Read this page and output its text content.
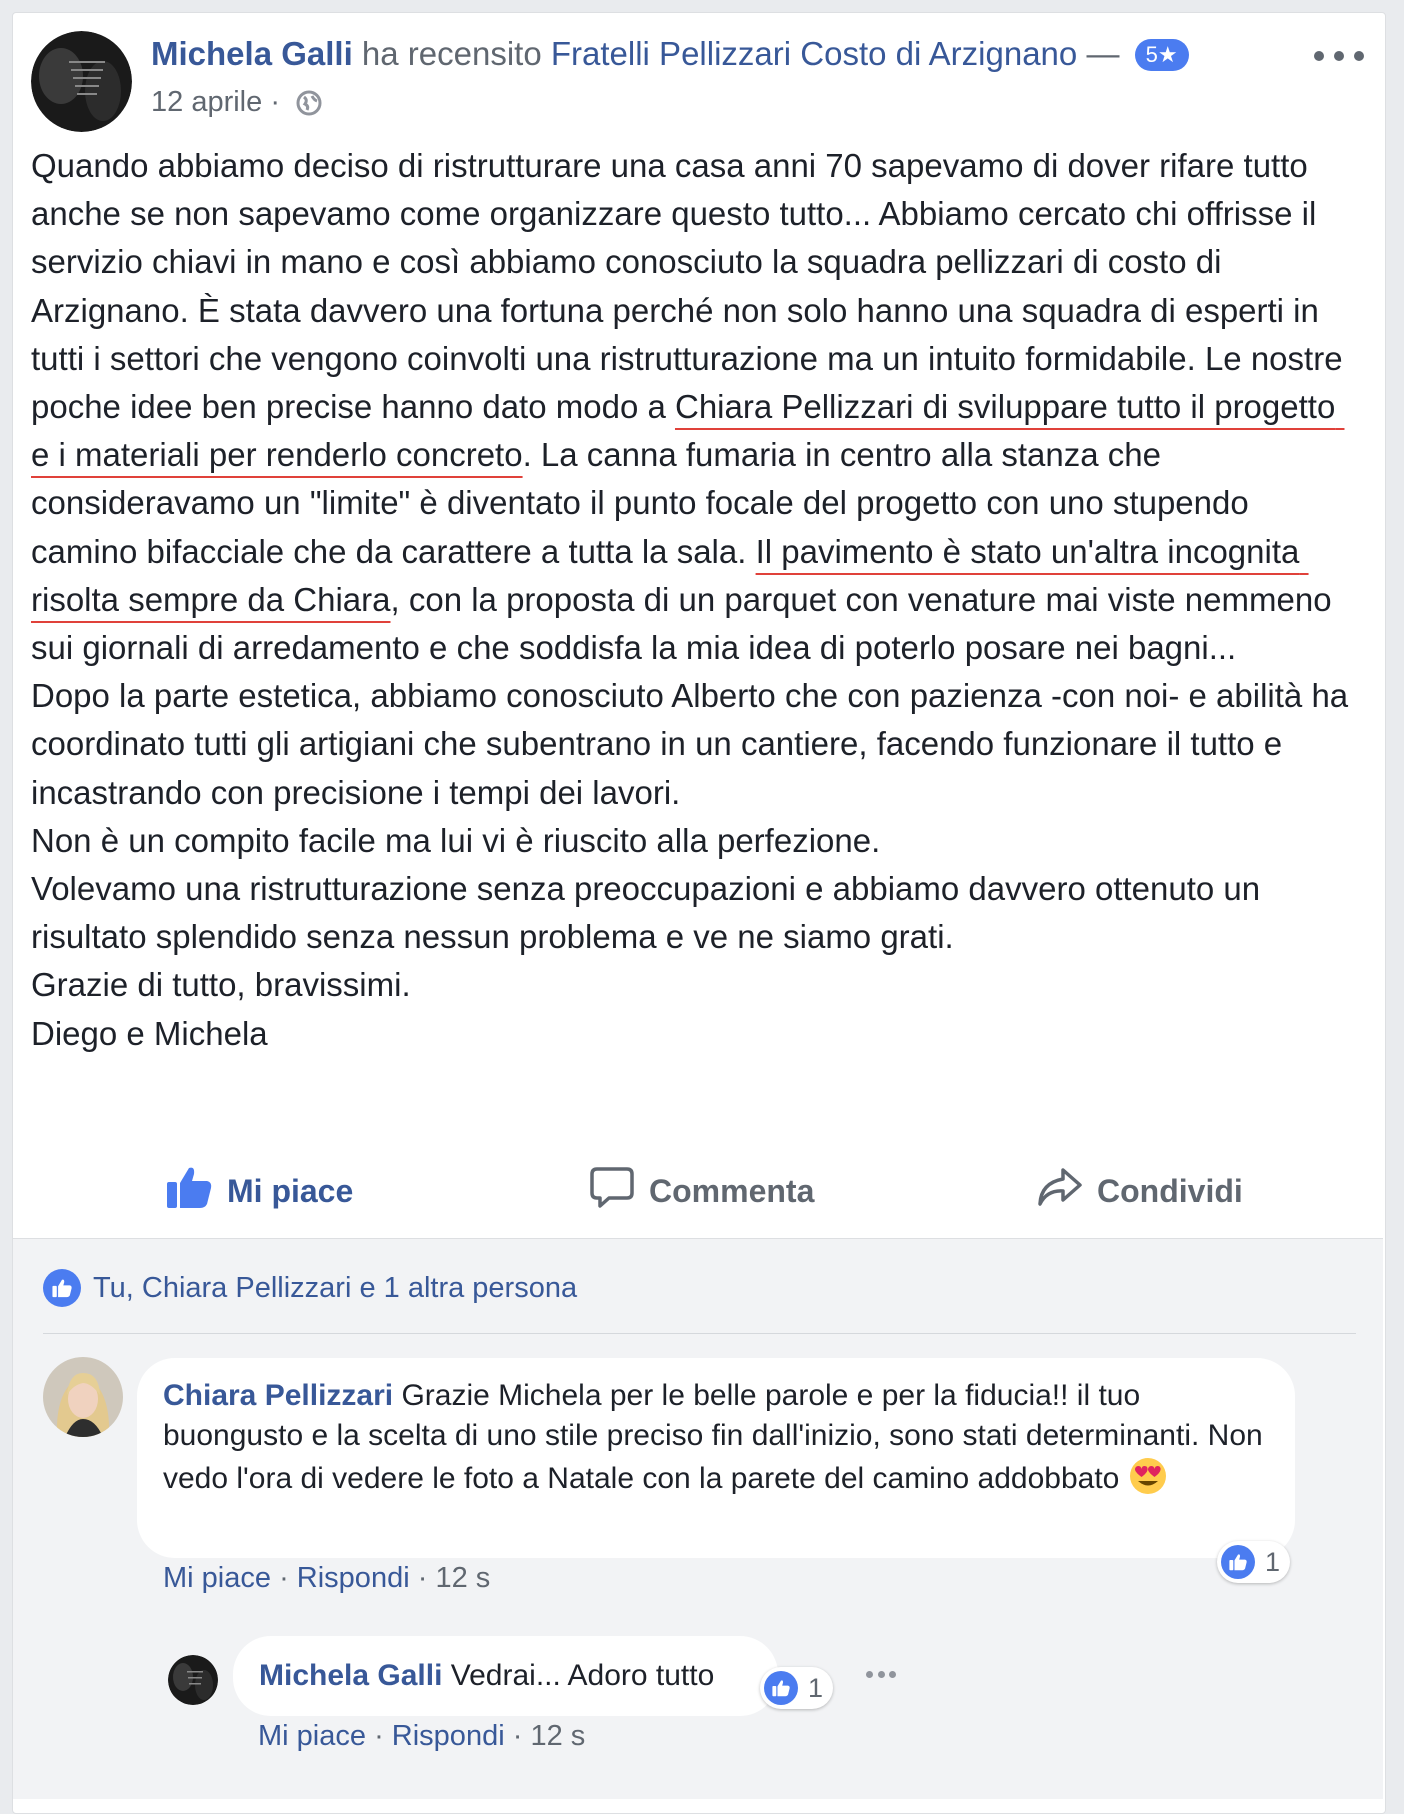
Michela Galli ha recensito Fratelli Pellizzari Costo di Arzignano — 5★
12 aprile ·
Quando abbiamo deciso di ristrutturare una casa anni 70 sapevamo di dover rifare tutto anche se non sapevamo come organizzare questo tutto... Abbiamo cercato chi offrisse il servizio chiavi in mano e così abbiamo conosciuto la squadra pellizzari di costo di Arzignano. È stata davvero una fortuna perché non solo hanno una squadra di esperti in tutti i settori che vengono coinvolti una ristrutturazione ma un intuito formidabile. Le nostre poche idee ben precise hanno dato modo a Chiara Pellizzari di sviluppare tutto il progetto e i materiali per renderlo concreto. La canna fumaria in centro alla stanza che consideravamo un "limite" è diventato il punto focale del progetto con uno stupendo camino bifacciale che da carattere a tutta la sala. Il pavimento è stato un'altra incognita risolta sempre da Chiara, con la proposta di un parquet con venature mai viste nemmeno sui giornali di arredamento e che soddisfa la mia idea di poterlo posare nei bagni...
Dopo la parte estetica, abbiamo conosciuto Alberto che con pazienza -con noi- e abilità ha coordinato tutti gli artigiani che subentrano in un cantiere, facendo funzionare il tutto e incastrando con precisione i tempi dei lavori.
Non è un compito facile ma lui vi è riuscito alla perfezione.
Volevamo una ristrutturazione senza preoccupazioni e abbiamo davvero ottenuto un risultato splendido senza nessun problema e ve ne siamo grati.
Grazie di tutto, bravissimi.
Diego e Michela
Mi piace	Commenta	Condividi
Tu, Chiara Pellizzari e 1 altra persona
Chiara Pellizzari Grazie Michela per le belle parole e per la fiducia!! il tuo buongusto e la scelta di uno stile preciso fin dall'inizio, sono stati determinanti. Non vedo l'ora di vedere le foto a Natale con la parete del camino addobbato
1
Mi piace · Rispondi · 12 s
Michela Galli Vedrai... Adoro tutto	1
Mi piace · Rispondi · 12 s
